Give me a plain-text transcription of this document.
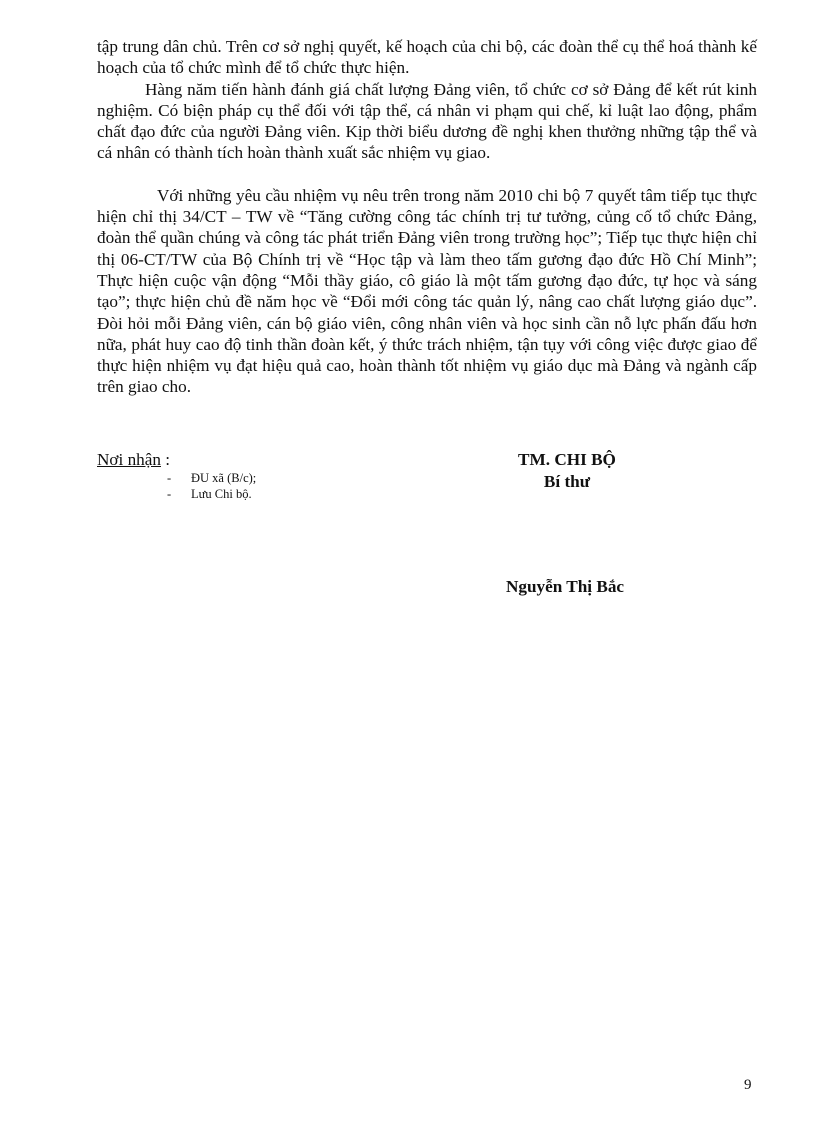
tập trung dân chủ. Trên cơ sở nghị quyết, kế hoạch của chi bộ, các đoàn thể cụ thể hoá thành kế hoạch của tổ chức mình để tổ chức thực hiện.

Hàng năm tiến hành đánh giá chất lượng Đảng viên, tổ chức cơ sở Đảng để kết rút kinh nghiệm. Có biện pháp cụ thể đối với tập thể, cá nhân vi phạm qui chế, kỉ luật lao động, phẩm chất đạo đức của người Đảng viên. Kịp thời biểu dương đề nghị khen thưởng những tập thể và cá nhân có thành tích hoàn thành xuất sắc nhiệm vụ giao.

Với những yêu cầu nhiệm vụ nêu trên trong năm 2010 chi bộ 7 quyết tâm tiếp tục thực hiện chỉ thị 34/CT – TW về “Tăng cường công tác chính trị tư tưởng, củng cố tổ chức Đảng, đoàn thể quần chúng và công tác phát triển Đảng viên trong trường học”; Tiếp tục thực hiện chỉ thị 06-CT/TW của Bộ Chính trị về “Học tập và làm theo tấm gương đạo đức Hồ Chí Minh”; Thực hiện cuộc vận động “Mỗi thầy giáo, cô giáo là một tấm gương đạo đức, tự học và sáng tạo”; thực hiện chủ đề năm học về “Đổi mới công tác quản lý, nâng cao chất lượng giáo dục”. Đòi hỏi mỗi Đảng viên, cán bộ giáo viên, công nhân viên và học sinh cần nỗ lực phấn đấu hơn nữa, phát huy cao độ tinh thần đoàn kết, ý thức trách nhiệm, tận tụy với công việc được giao để thực hiện nhiệm vụ đạt hiệu quả cao, hoàn thành tốt nhiệm vụ giáo dục mà Đảng và ngành cấp trên giao cho.

Nơi nhận :
- ĐU xã (B/c);
- Lưu Chi bộ.
TM. CHI BỘ
Bí thư
Nguyễn Thị Bắc
9
